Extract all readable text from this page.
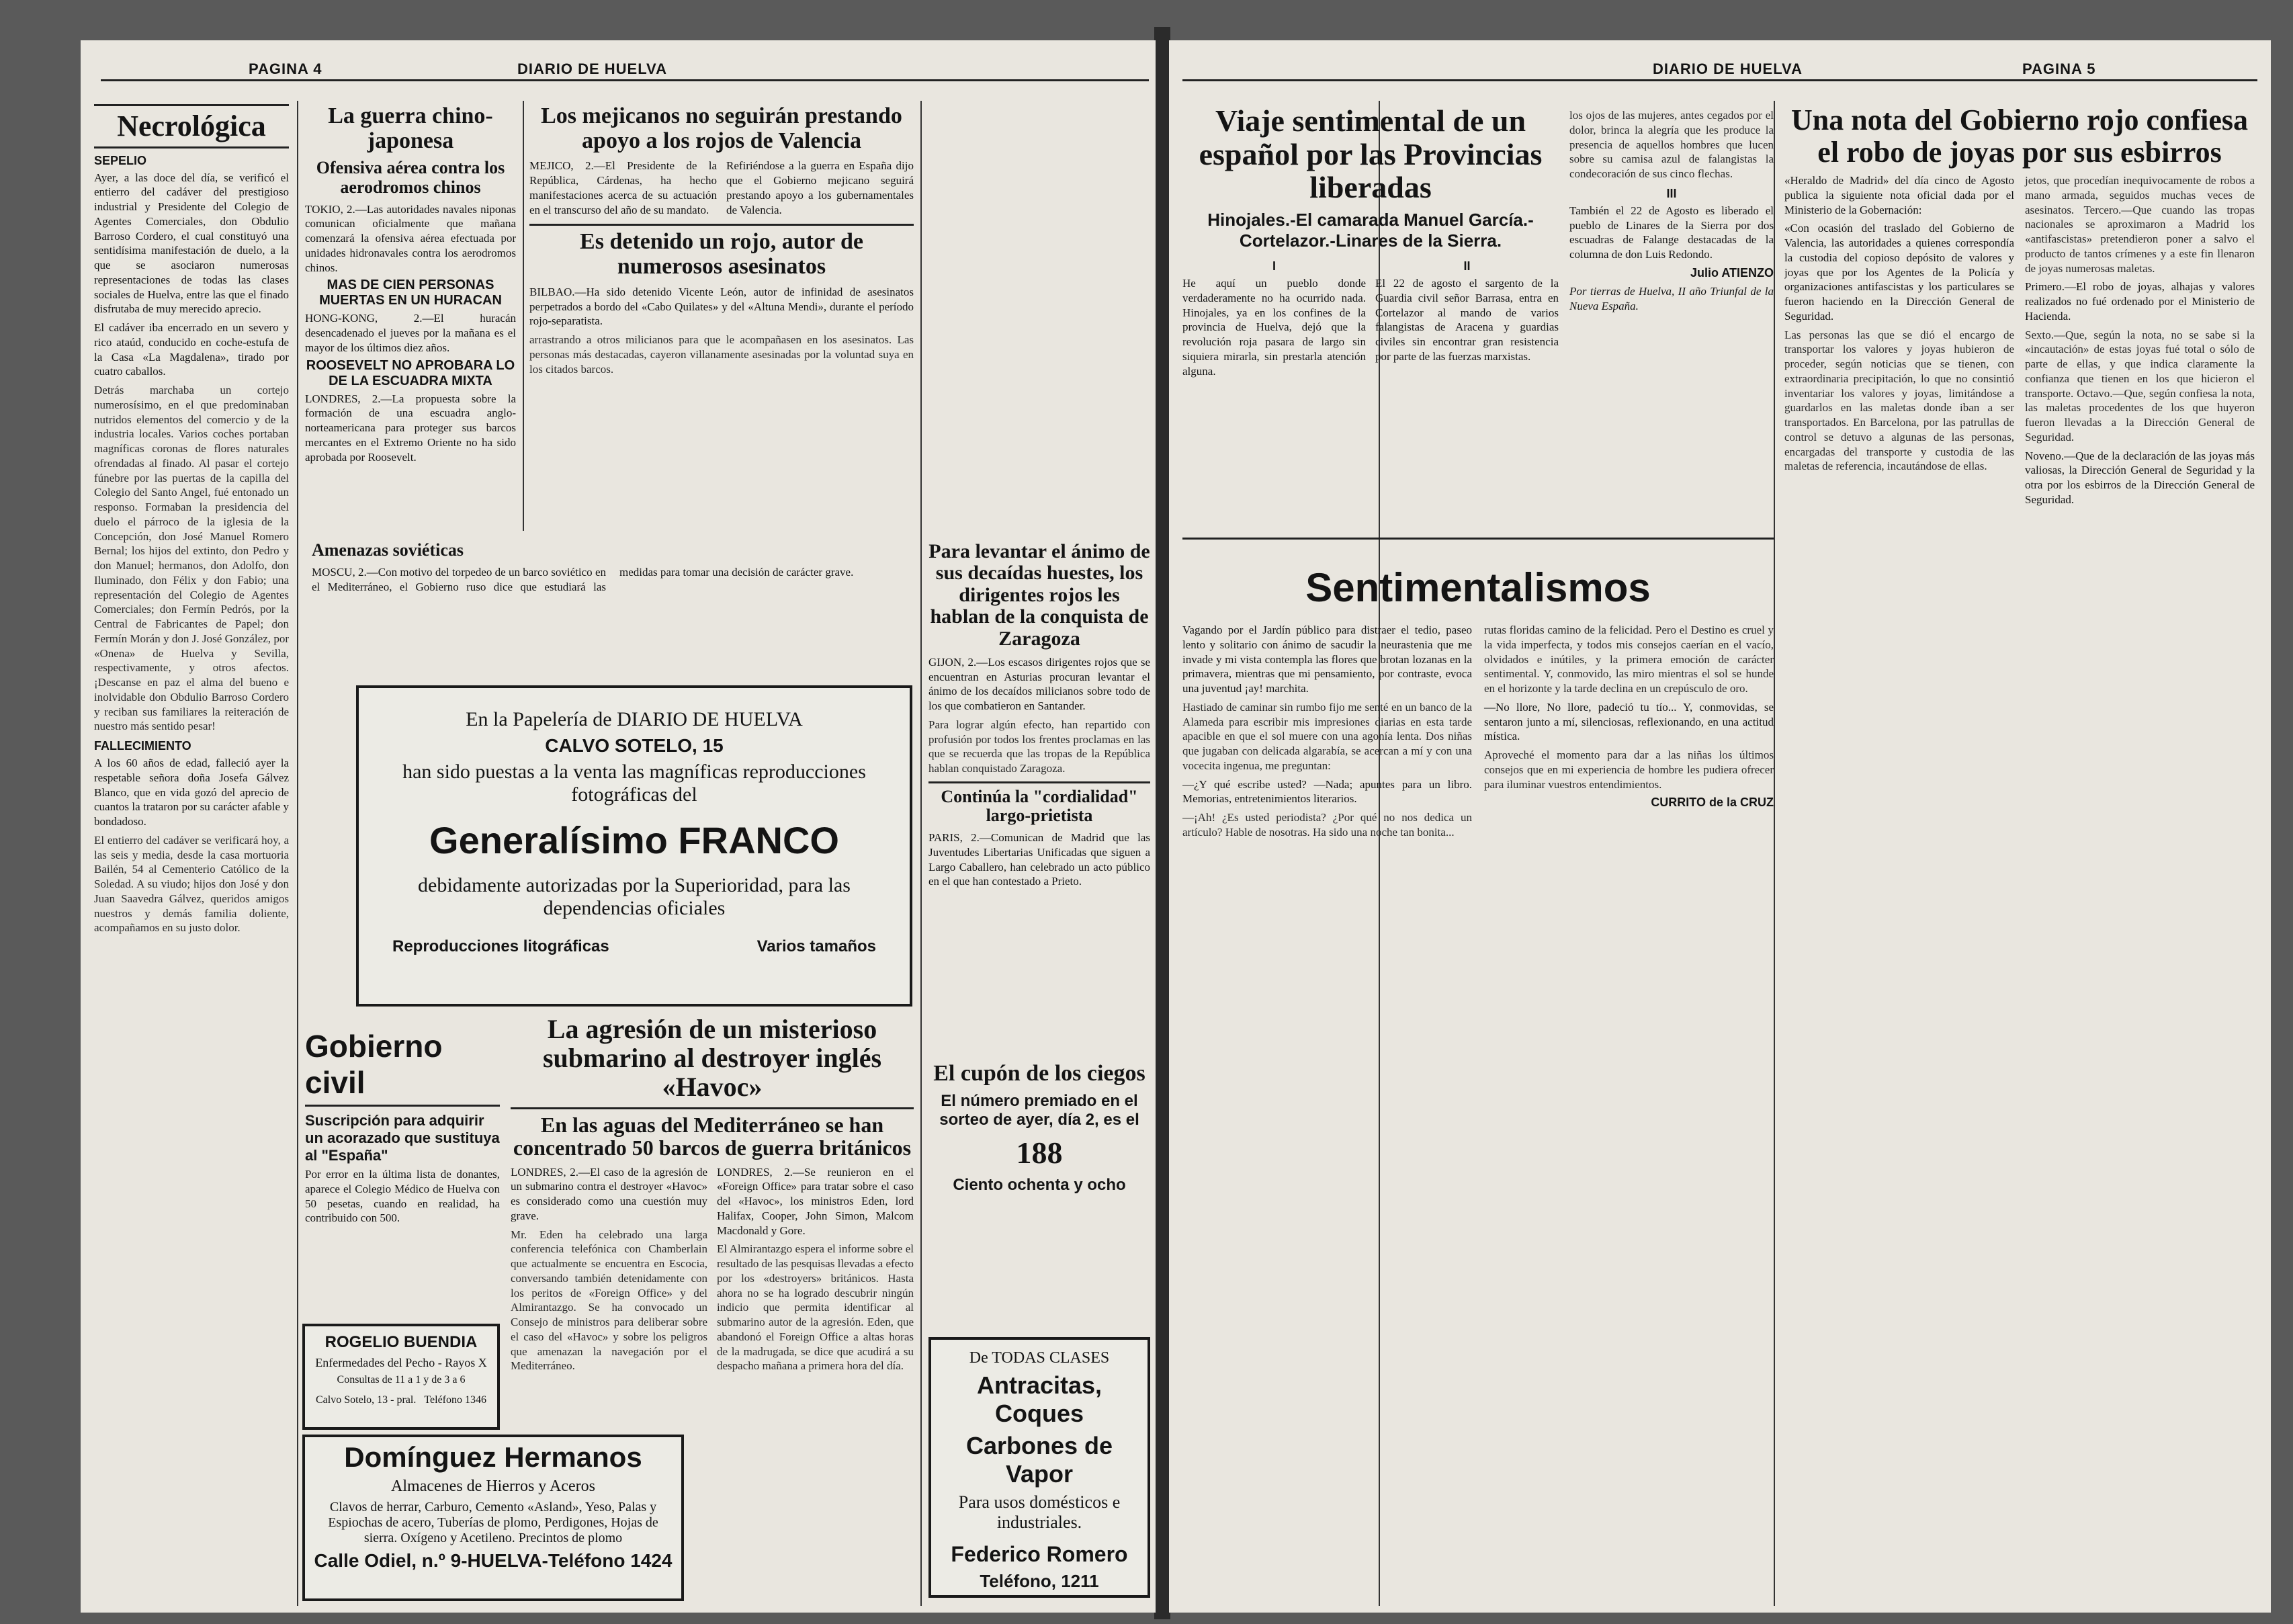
PAGINA 4	DIARIO DE HUELVA
Necrológica
SEPELIO

Ayer, a las doce del día, se verificó el entierro del cadáver del prestigioso industrial y Presidente del Colegio de Agentes Comerciales, don Obdulio Barroso Cordero, el cual constituyó una sentidísima manifestación de duelo, a la que se asociaron numerosas representaciones de todas las clases sociales de Huelva, entre las que el finado disfrutaba de muy merecido aprecio.

El cadáver iba encerrado en un severo y rico ataúd, conducido en coche-estufa de la Casa «La Magdalena», tirado por cuatro caballos.

Detrás marchaba un cortejo numerosísimo, en el que predominaban nutridos elementos del comercio y de la industria locales. Varios coches portaban magníficas coronas de flores naturales ofrendadas al finado. Al pasar el cortejo fúnebre por las puertas de la capilla del Colegio del Santo Angel, fué entonado un responso. Formaban la presidencia del duelo el párroco de la iglesia de la Concepción, don José Manuel Romero Bernal; los hijos del extinto, don Pedro y don Manuel; hermanos, don Adolfo, don Iluminado, don Félix y don Fabio; una representación del Colegio de Agentes Comerciales; don Fermín Pedrós, por la Central de Fabricantes de Papel; don Fermín Morán y don J. José González, por «Onena» de Huelva y Sevilla, respectivamente, y otros afectos. ¡Descanse en paz el alma del bueno e inolvidable don Obdulio Barroso Cordero y reciban sus familiares la reiteración de nuestro más sentido pesar!

FALLECIMIENTO

A los 60 años de edad, falleció ayer la respetable señora doña Josefa Gálvez Blanco, que en vida gozó del aprecio de cuantos la trataron por su carácter afable y bondadoso.

El entierro del cadáver se verificará hoy, a las seis y media, desde la casa mortuoria Bailén, 54 al Cementerio Católico de la Soledad. A su viudo; hijos don José y don Juan Saavedra Gálvez, queridos amigos nuestros y demás familia doliente, acompañamos en su justo dolor.

La guerra chino-japonesa
Ofensiva aérea contra los aerodromos chinos

TOKIO, 2.—Las autoridades navales niponas comunican oficialmente que mañana comenzará la ofensiva aérea efectuada por unidades hidronavales contra los aerodromos chinos.

MAS DE CIEN PERSONAS MUERTAS EN UN HURACAN

HONG-KONG, 2.—El huracán desencadenado el jueves por la mañana es el mayor de los últimos diez años.

ROOSEVELT NO APROBARA LO DE LA ESCUADRA MIXTA

LONDRES, 2.—La propuesta sobre la formación de una escuadra anglo-norteamericana para proteger sus barcos mercantes en el Extremo Oriente no ha sido aprobada por Roosevelt.

Los mejicanos no seguirán prestando apoyo a los rojos de Valencia

MEJICO, 2.—El Presidente de la República, Cárdenas, ha hecho manifestaciones acerca de su actuación en el transcurso del año de su mandato.

Refiriéndose a la guerra en España dijo que el Gobierno mejicano seguirá prestando apoyo a los gubernamentales de Valencia.

Es detenido un rojo, autor de numerosos asesinatos

BILBAO.—Ha sido detenido Vicente León, autor de infinidad de asesinatos perpetrados a bordo del «Cabo Quilates» y del «Altuna Mendi», durante el período rojo-separatista.

arrastrando a otros milicianos para que le acompañasen en los asesinatos. Las personas más destacadas, cayeron villanamente asesinadas por la voluntad suya en los citados barcos.

Amenazas soviéticas

MOSCU, 2.—Con motivo del torpedeo de un barco soviético en el Mediterráneo, el Gobierno ruso dice que estudiará las medidas para tomar una decisión de carácter grave.

En la Papelería de DIARIO DE HUELVA
CALVO SOTELO, 15
han sido puestas a la venta las magníficas reproducciones fotográficas del
Generalísimo FRANCO
debidamente autorizadas por la Superioridad, para las dependencias oficiales
Reproducciones litográficas	Varios tamaños
Para levantar el ánimo de sus decaídas huestes, los dirigentes rojos les hablan de la conquista de Zaragoza

GIJON, 2.—Los escasos dirigentes rojos que se encuentran en Asturias procuran levantar el ánimo de los decaídos milicianos sobre todo de los que combatieron en Santander.

Para lograr algún efecto, han repartido con profusión por todos los frentes proclamas en las que se recuerda que las tropas de la República hablan conquistado Zaragoza.

Continúa la "cordialidad" largo-prietista

PARIS, 2.—Comunican de Madrid que las Juventudes Libertarias Unificadas que siguen a Largo Caballero, han celebrado un acto público en el que han contestado a Prieto.

El cupón de los ciegos
El número premiado en el sorteo de ayer, día 2, es el
188
Ciento ochenta y ocho
De TODAS CLASES
Antracitas, Coques
Carbones de Vapor
Para usos domésticos e industriales.
Federico Romero
Teléfono, 1211
Gobierno civil
Suscripción para adquirir un acorazado que sustituya al "España"

Por error en la última lista de donantes, aparece el Colegio Médico de Huelva con 50 pesetas, cuando en realidad, ha contribuido con 500.

ROGELIO BUENDIA
Enfermedades del Pecho - Rayos X
Consultas de 11 a 1 y de 3 a 6
Calvo Sotelo, 13 - pral. Teléfono 1346
Domínguez Hermanos
Almacenes de Hierros y Aceros
Clavos de herrar, Carburo, Cemento «Asland», Yeso, Palas y Espiochas de acero, Tuberías de plomo, Perdigones, Hojas de sierra. Oxígeno y Acetileno. Precintos de plomo
Calle Odiel, n.º 9-HUELVA-Teléfono 1424
La agresión de un misterioso submarino al destroyer inglés «Havoc»
En las aguas del Mediterráneo se han concentrado 50 barcos de guerra británicos

LONDRES, 2.—El caso de la agresión de un submarino contra el destroyer «Havoc» es considerado como una cuestión muy grave.

Mr. Eden ha celebrado una larga conferencia telefónica con Chamberlain que actualmente se encuentra en Escocia, conversando también detenidamente con los peritos de «Foreign Office» y del Almirantazgo. Se ha convocado un Consejo de ministros para deliberar sobre el caso del «Havoc» y sobre los peligros que amenazan la navegación por el Mediterráneo.

LONDRES, 2.—Se reunieron en el «Foreign Office» para tratar sobre el caso del «Havoc», los ministros Eden, lord Halifax, Cooper, John Simon, Malcom Macdonald y Gore.

El Almirantazgo espera el informe sobre el resultado de las pesquisas llevadas a efecto por los «destroyers» británicos. Hasta ahora no se ha logrado descubrir ningún indicio que permita identificar al submarino autor de la agresión. Eden, que abandonó el Foreign Office a altas horas de la madrugada, se dice que acudirá a su despacho mañana a primera hora del día.

DIARIO DE HUELVA	PAGINA 5
Viaje sentimental de un español por las Provincias liberadas
Hinojales.-El camarada Manuel García.-Cortelazor.-Linares de la Sierra.
I

He aquí un pueblo donde verdaderamente no ha ocurrido nada. Hinojales, ya en los confines de la provincia de Huelva, dejó que la revolución roja pasara de largo sin siquiera mirarla, sin prestarla atención alguna.

II

El 22 de agosto el sargento de la Guardia civil señor Barrasa, entra en Cortelazor al mando de varios falangistas de Aracena y guardias civiles sin encontrar gran resistencia por parte de las fuerzas marxistas.

los ojos de las mujeres, antes cegados por el dolor, brinca la alegría que les produce la presencia de aquellos hombres que lucen sobre su camisa azul de falangistas la condecoración de sus cinco flechas.

III

También el 22 de Agosto es liberado el pueblo de Linares de la Sierra por dos escuadras de Falange destacadas de la columna de don Luis Redondo.

Julio ATIENZO

Por tierras de Huelva, II año Triunfal de la Nueva España.

Sentimentalismos

Vagando por el Jardín público para distraer el tedio, paseo lento y solitario con ánimo de sacudir la neurastenia que me invade y mi vista contempla las flores que brotan lozanas en la primavera, mientras que mi pensamiento, por contraste, evoca una juventud ¡ay! marchita.

Hastiado de caminar sin rumbo fijo me senté en un banco de la Alameda para escribir mis impresiones diarias en esta tarde apacible en que el sol muere con una agonía lenta. Dos niñas que jugaban con delicada algarabía, se acercan a mí y con una vocecita ingenua, me preguntan:

—¿Y qué escribe usted? —Nada; apuntes para un libro. Memorias, entretenimientos literarios.

—¡Ah! ¿Es usted periodista? ¿Por qué no nos dedica un artículo? Hable de nosotras. Ha sido una noche tan bonita...

rutas floridas camino de la felicidad. Pero el Destino es cruel y la vida imperfecta, y todos mis consejos caerían en el vacío, olvidados e inútiles, y la primera emoción de carácter sentimental. Y, conmovido, las miro mientras el sol se hunde en el horizonte y la tarde declina en un crepúsculo de oro.

—No llore, No llore, padeció tu tío... Y, conmovidas, se sentaron junto a mí, silenciosas, reflexionando, en una actitud mística.

Aproveché el momento para dar a las niñas los últimos consejos que en mi experiencia de hombre les pudiera ofrecer para iluminar vuestros entendimientos.

CURRITO de la CRUZ
Una nota del Gobierno rojo confiesa el robo de joyas por sus esbirros

«Heraldo de Madrid» del día cinco de Agosto publica la siguiente nota oficial dada por el Ministerio de la Gobernación:

«Con ocasión del traslado del Gobierno de Valencia, las autoridades a quienes correspondía la custodia del copioso depósito de valores y joyas que por los Agentes de la Policía y organizaciones antifascistas y los particulares se fueron haciendo en la Dirección General de Seguridad.

Las personas las que se dió el encargo de transportar los valores y joyas hubieron de proceder, según noticias que se tienen, con extraordinaria precipitación, lo que no consintió inventariar los valores y joyas, limitándose a guardarlos en las maletas donde iban a ser transportados. En Barcelona, por las patrullas de control se detuvo a algunas de las personas, encargadas del transporte y custodia de las maletas de referencia, incautándose de ellas.

jetos, que procedían inequivocamente de robos a mano armada, seguidos muchas veces de asesinatos. Tercero.—Que cuando las tropas nacionales se aproximaron a Madrid los «antifascistas» pretendieron poner a salvo el producto de tantos crímenes y a este fin llenaron de joyas numerosas maletas.

Primero.—El robo de joyas, alhajas y valores realizados no fué ordenado por el Ministerio de Hacienda.

Sexto.—Que, según la nota, no se sabe si la «incautación» de estas joyas fué total o sólo de parte de ellas, y que indica claramente la confianza que tienen en los que hicieron el transporte. Octavo.—Que, según confiesa la nota, las maletas procedentes de los que huyeron fueron llevadas a la Dirección General de Seguridad.

Noveno.—Que de la declaración de las joyas más valiosas, la Dirección General de Seguridad y la otra por los esbirros de la Dirección General de Seguridad.
